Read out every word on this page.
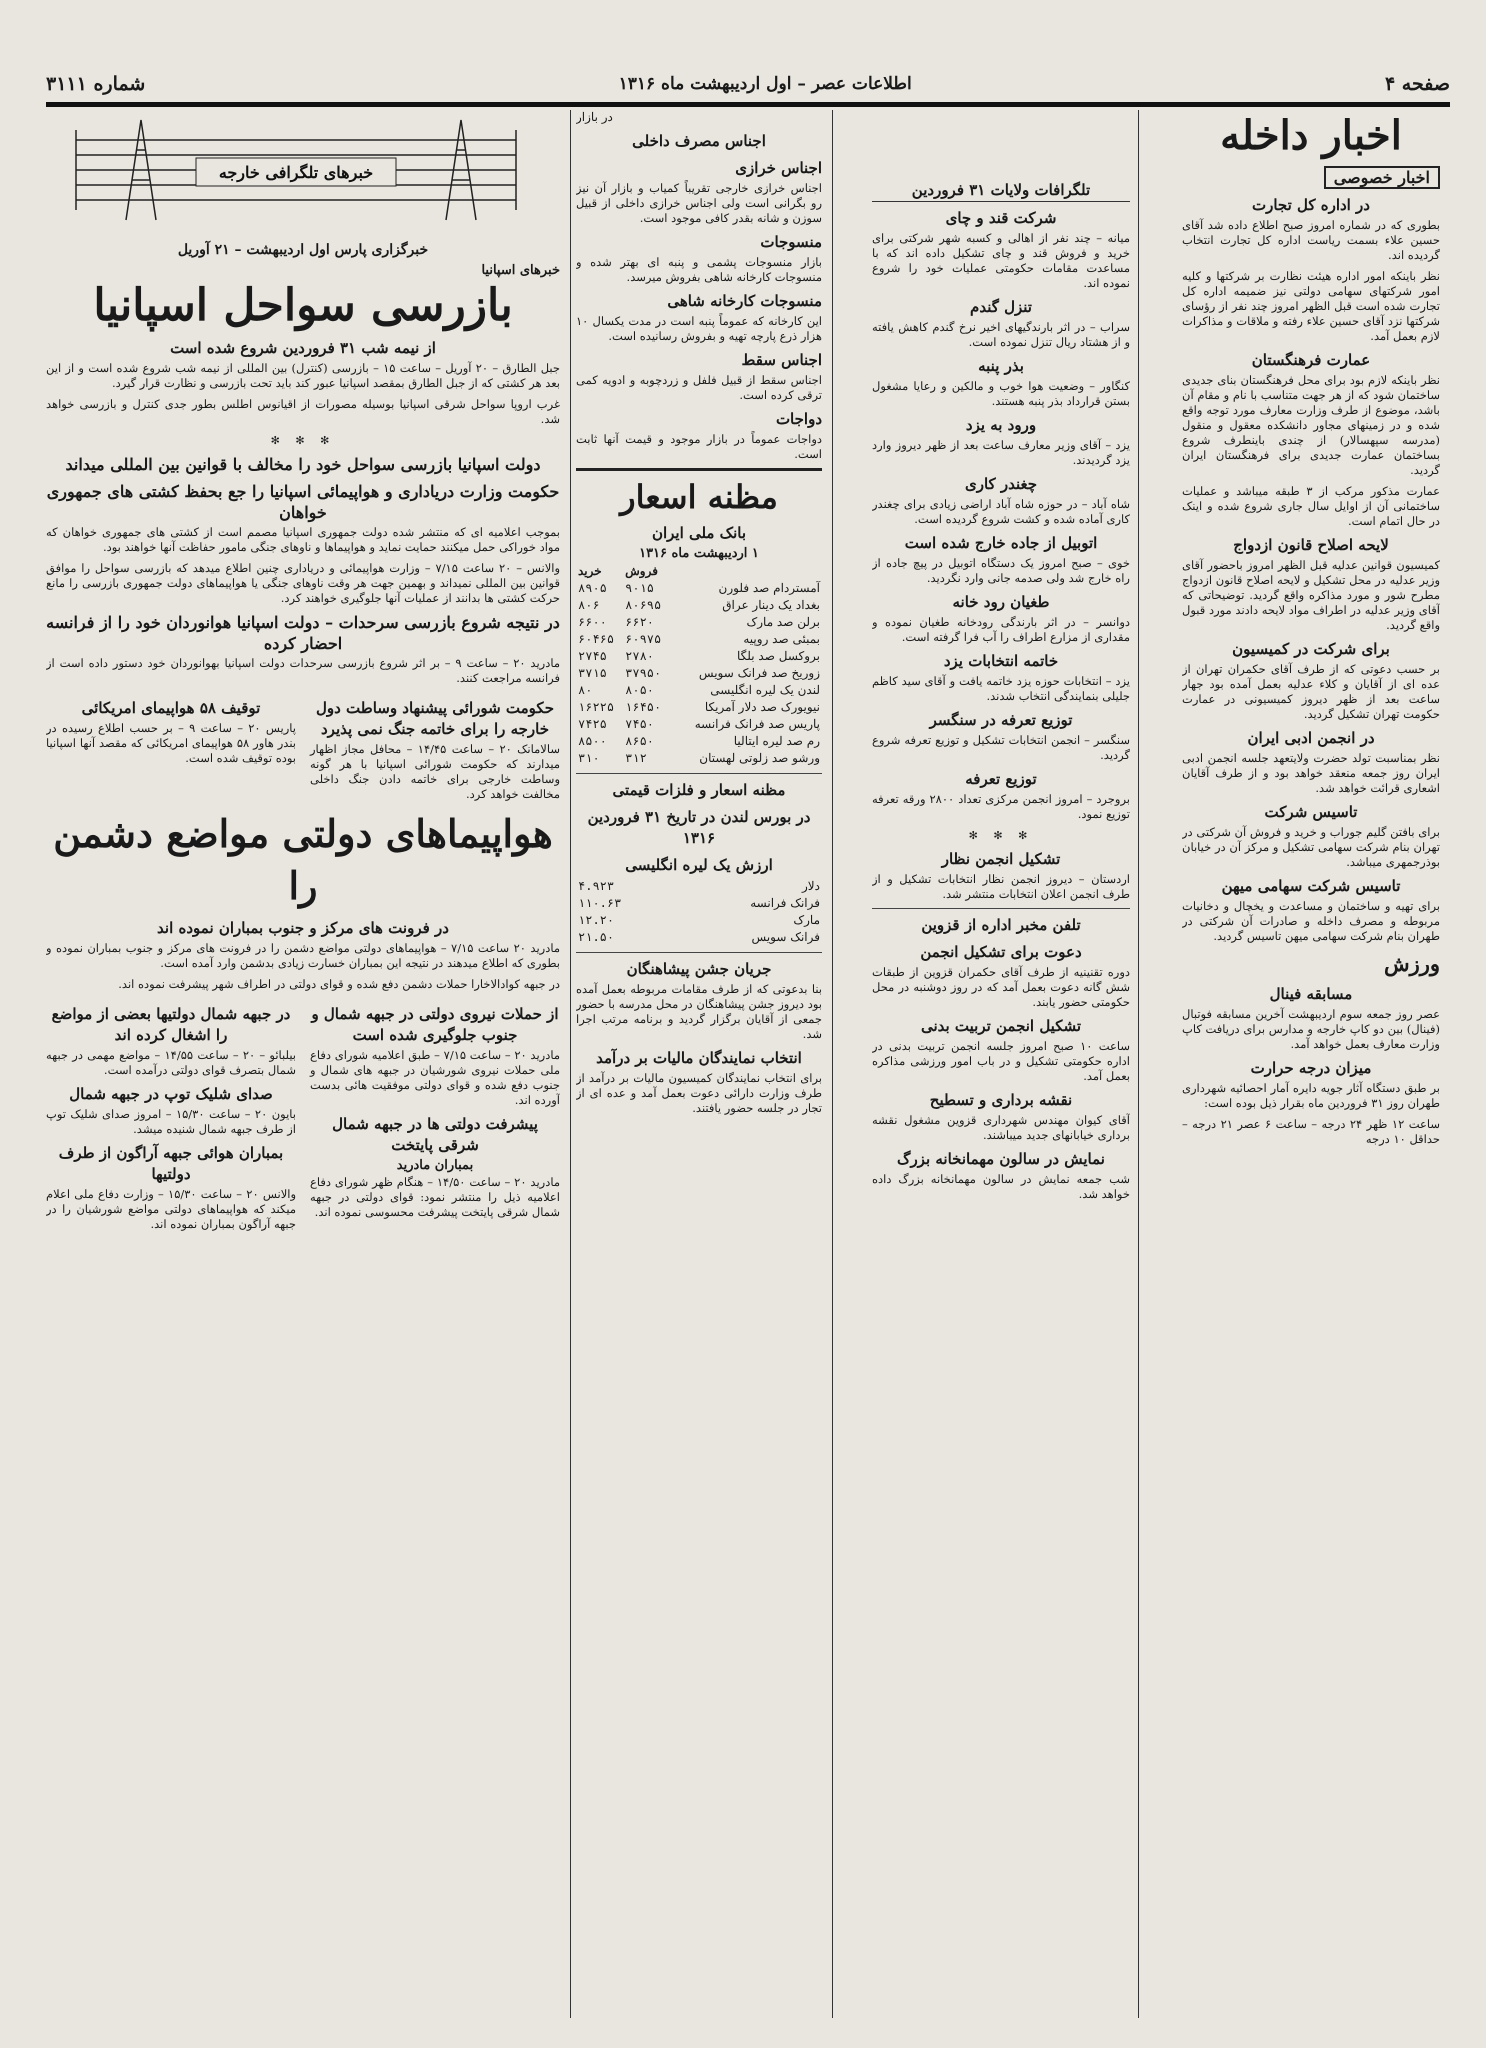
صفحه ۴
اطلاعات عصر – اول اردیبهشت ماه ۱۳۱۶
شماره ۳۱۱۱
اخبار داخله
اخبار خصوصی
در اداره کل تجارت

بطوری که در شماره امروز صبح اطلاع داده شد آقای حسین علاء بسمت ریاست اداره کل تجارت انتخاب گردیده اند.

نظر باینکه امور اداره هیئت نظارت بر شرکتها و کلیه امور شرکتهای سهامی دولتی نیز ضمیمه اداره کل تجارت شده است قبل الظهر امروز چند نفر از رؤسای شرکتها نزد آقای حسین علاء رفته و ملاقات و مذاکرات لازم بعمل آمد.

عمارت فرهنگستان

نظر باینکه لازم بود برای محل فرهنگستان بنای جدیدی ساختمان شود که از هر جهت متناسب با نام و مقام آن باشد، موضوع از طرف وزارت معارف مورد توجه واقع شده و در زمینهای مجاور دانشکده معقول و منقول (مدرسه سپهسالار) از چندی باینطرف شروع بساختمان عمارت جدیدی برای فرهنگستان ایران گردید.

عمارت مذکور مرکب از ۳ طبقه میباشد و عملیات ساختمانی آن از اوایل سال جاری شروع شده و اینک در حال اتمام است.

لایحه اصلاح قانون ازدواج

کمیسیون قوانین عدلیه قبل الظهر امروز باحضور آقای وزیر عدلیه در محل تشکیل و لایحه اصلاح قانون ازدواج مطرح شور و مورد مذاکره واقع گردید. توضیحاتی که آقای وزیر عدلیه در اطراف مواد لایحه دادند مورد قبول واقع گردید.

برای شرکت در کمیسیون

بر حسب دعوتی که از طرف آقای حکمران تهران از عده ای از آقایان و کلاء عدلیه بعمل آمده بود جهار ساعت بعد از ظهر دیروز کمیسیونی در عمارت حکومت تهران تشکیل گردید.

در انجمن ادبی ایران

نظر بمناسبت تولد حضرت ولایتعهد جلسه انجمن ادبی ایران روز جمعه منعقد خواهد بود و از طرف آقایان اشعاری قرائت خواهد شد.

تاسیس شرکت

برای بافتن گلیم جوراب و خرید و فروش آن شرکتی در تهران بنام شرکت سهامی تشکیل و مرکز آن در خیابان بوذرجمهری میباشد.

تاسیس شرکت سهامی میهن

برای تهیه و ساختمان و مساعدت و یخچال و دخانیات مربوطه و مصرف داخله و صادرات آن شرکتی در طهران بنام شرکت سهامی میهن تاسیس گردید.

ورزش
مسابقه فینال

عصر روز جمعه سوم اردیبهشت آخرین مسابقه فوتبال (فینال) بین دو کاپ خارجه و مدارس برای دریافت کاپ وزارت معارف بعمل خواهد آمد.

میزان درجه حرارت

بر طبق دستگاه آثار جویه دایره آمار احصائیه شهرداری طهران روز ۳۱ فروردین ماه بقرار ذیل بوده است:

ساعت ۱۲ ظهر ۲۴ درجه – ساعت ۶ عصر ۲۱ درجه – حداقل ۱۰ درجه

تلگرافات ولایات ۳۱ فروردین
شرکت قند و چای

میانه – چند نفر از اهالی و کسبه شهر شرکتی برای خرید و فروش قند و چای تشکیل داده اند که با مساعدت مقامات حکومتی عملیات خود را شروع نموده اند.

تنزل گندم

سراب – در اثر بارندگیهای اخیر نرخ گندم کاهش یافته و از هشتاد ریال تنزل نموده است.

بذر پنبه

کنگاور – وضعیت هوا خوب و مالکین و رعایا مشغول بستن قرارداد بذر پنبه هستند.

ورود به یزد

یزد – آقای وزیر معارف ساعت بعد از ظهر دیروز وارد یزد گردیدند.

چغندر کاری

شاه آباد – در حوزه شاه آباد اراضی زیادی برای چغندر کاری آماده شده و کشت شروع گردیده است.

اتوبیل از جاده خارج شده است

خوی – صبح امروز یک دستگاه اتوبیل در پیچ جاده از راه خارج شد ولی صدمه جانی وارد نگردید.

طغیان رود خانه

دوانسر – در اثر بارندگی رودخانه طغیان نموده و مقداری از مزارع اطراف را آب فرا گرفته است.

خاتمه انتخابات یزد

یزد – انتخابات حوزه یزد خاتمه یافت و آقای سید کاظم جلیلی بنمایندگی انتخاب شدند.

توزیع تعرفه در سنگسر

سنگسر – انجمن انتخابات تشکیل و توزیع تعرفه شروع گردید.

توزیع تعرفه

بروجرد – امروز انجمن مرکزی تعداد ۲۸۰۰ ورقه تعرفه توزیع نمود.

✻ ✻ ✻
تشکیل انجمن نظار

اردستان – دیروز انجمن نظار انتخابات تشکیل و از طرف انجمن اعلان انتخابات منتشر شد.

تلفن مخبر اداره از قزوین
دعوت برای تشکیل انجمن

دوره تقنینیه از طرف آقای حکمران قزوین از طبقات شش گانه دعوت بعمل آمد که در روز دوشنبه در محل حکومتی حضور یابند.

تشکیل انجمن تربیت بدنی

ساعت ۱۰ صبح امروز جلسه انجمن تربیت بدنی در اداره حکومتی تشکیل و در باب امور ورزشی مذاکره بعمل آمد.

نقشه برداری و تسطیح

آقای کیوان مهندس شهرداری قزوین مشغول نقشه برداری خیابانهای جدید میباشند.

نمایش در سالون مهمانخانه بزرگ

شب جمعه نمایش در سالون مهمانخانه بزرگ داده خواهد شد.

در بازار
اجناس مصرف داخلی
اجناس خرازی

اجناس خرازی خارجی تقریباً کمیاب و بازار آن نیز رو بگرانی است ولی اجناس خرازی داخلی از قبیل سوزن و شانه بقدر کافی موجود است.

منسوجات

بازار منسوجات پشمی و پنبه ای بهتر شده و منسوجات کارخانه شاهی بفروش میرسد.

منسوجات کارخانه شاهی

این کارخانه که عموماً پنبه است در مدت یکسال ۱۰ هزار ذرع پارچه تهیه و بفروش رسانیده است.

اجناس سقط

اجناس سقط از قبیل فلفل و زردچوبه و ادویه کمی ترقی کرده است.

دواجات

دواجات عموماً در بازار موجود و قیمت آنها ثابت است.

مظنه اسعار
بانک ملی ایران
۱ اردیبهشت ماه ۱۳۱۶
	فروش	خرید
آمستردام صد فلورن	۹۰۱۵	۸۹۰۵
بغداد یک دینار عراق	۸۰۶۹۵	۸۰۶
برلن صد مارک	۶۶۲۰	۶۶۰۰
بمبئی صد روپیه	۶۰۹۷۵	۶۰۴۶۵
بروکسل صد بلگا	۲۷۸۰	۲۷۴۵
زوریخ صد فرانک سویس	۳۷۹۵۰	۳۷۱۵
لندن یک لیره انگلیسی	۸۰۵۰	۸۰
نیویورک صد دلار آمریکا	۱۶۴۵۰	۱۶۲۲۵
پاریس صد فرانک فرانسه	۷۴۵۰	۷۴۲۵
رم صد لیره ایتالیا	۸۶۵۰	۸۵۰۰
ورشو صد زلوتی لهستان	۳۱۲	۳۱۰
مظنه اسعار و فلزات قیمتی
در بورس لندن در تاریخ ۳۱ فروردین ۱۳۱۶
ارزش یک لیره انگلیسی
دلار	۴.۹۲۳
فرانک فرانسه	۱۱۰.۶۳
مارک	۱۲.۲۰
فرانک سویس	۲۱.۵۰
جریان جشن پیشاهنگان

بنا بدعوتی که از طرف مقامات مربوطه بعمل آمده بود دیروز جشن پیشاهنگان در محل مدرسه با حضور جمعی از آقایان برگزار گردید و برنامه مرتب اجرا شد.

انتخاب نمایندگان مالیات بر درآمد

برای انتخاب نمایندگان کمیسیون مالیات بر درآمد از طرف وزارت دارائی دعوت بعمل آمد و عده ای از تجار در جلسه حضور یافتند.

خبرهای تلگرافی خارجه
خبرگزاری پارس اول اردیبهشت – ۲۱ آوریل
خبرهای اسپانیا
بازرسی سواحل اسپانیا
از نیمه شب ۳۱ فروردین شروع شده است

جبل الطارق – ۲۰ آوریل – ساعت ۱۵ – بازرسی (کنترل) بین المللی از نیمه شب شروع شده است و از این بعد هر کشتی که از جبل الطارق بمقصد اسپانیا عبور کند باید تحت بازرسی و نظارت قرار گیرد.

غرب اروپا سواحل شرقی اسپانیا بوسیله مصورات از اقیانوس اطلس بطور جدی کنترل و بازرسی خواهد شد.

✻ ✻ ✻
دولت اسپانیا بازرسی سواحل خود را مخالف با قوانین بین المللی میداند
حکومت وزارت دریاداری و هواپیمائی اسپانیا را جع بحفظ کشتی های جمهوری خواهان

بموجب اعلامیه ای که منتشر شده دولت جمهوری اسپانیا مصمم است از کشتی های جمهوری خواهان که مواد خوراکی حمل میکنند حمایت نماید و هواپیماها و ناوهای جنگی مامور حفاظت آنها خواهند بود.

والانس – ۲۰ ساعت ۷/۱۵ – وزارت هواپیمائی و دریاداری چنین اطلاع میدهد که بازرسی سواحل را موافق قوانین بین المللی نمیداند و بهمین جهت هر وقت ناوهای جنگی یا هواپیماهای دولت جمهوری بازرسی را مانع حرکت کشتی ها بدانند از عملیات آنها جلوگیری خواهند کرد.

در نتیجه شروع بازرسی سرحدات – دولت اسپانیا هوانوردان خود را از فرانسه احضار کرده

مادرید ۲۰ – ساعت ۹ – بر اثر شروع بازرسی سرحدات دولت اسپانیا بهوانوردان خود دستور داده است از فرانسه مراجعت کنند.

حکومت شورائی پیشنهاد وساطت دول خارجه را برای خاتمه جنگ نمی پذیرد

سالامانک ۲۰ – ساعت ۱۴/۴۵ – محافل مجاز اظهار میدارند که حکومت شورائی اسپانیا با هر گونه وساطت خارجی برای خاتمه دادن جنگ داخلی مخالفت خواهد کرد.

توقیف ۵۸ هواپیمای امریکائی

پاریس ۲۰ – ساعت ۹ – بر حسب اطلاع رسیده در بندر هاور ۵۸ هواپیمای امریکائی که مقصد آنها اسپانیا بوده توقیف شده است.

هواپیماهای دولتی مواضع دشمن را
در فرونت های مرکز و جنوب بمباران نموده اند

مادرید ۲۰ ساعت ۷/۱۵ – هواپیماهای دولتی مواضع دشمن را در فرونت های مرکز و جنوب بمباران نموده و بطوری که اطلاع میدهند در نتیجه این بمباران خسارت زیادی بدشمن وارد آمده است.

در جبهه کوادالاخارا حملات دشمن دفع شده و قوای دولتی در اطراف شهر پیشرفت نموده اند.

از حملات نیروی دولتی در جبهه شمال و جنوب جلوگیری شده است

مادرید ۲۰ – ساعت ۷/۱۵ – طبق اعلامیه شورای دفاع ملی حملات نیروی شورشیان در جبهه های شمال و جنوب دفع شده و قوای دولتی موفقیت هائی بدست آورده اند.

پیشرفت دولتی ها در جبهه شمال شرقی پایتخت
بمباران مادرید

مادرید ۲۰ – ساعت ۱۴/۵۰ – هنگام ظهر شورای دفاع اعلامیه ذیل را منتشر نمود: قوای دولتی در جبهه شمال شرقی پایتخت پیشرفت محسوسی نموده اند.

در جبهه شمال دولتیها بعضی از مواضع را اشغال کرده اند

بیلبائو – ۲۰ – ساعت ۱۴/۵۵ – مواضع مهمی در جبهه شمال بتصرف قوای دولتی درآمده است.

صدای شلیک توپ در جبهه شمال

بایون ۲۰ – ساعت ۱۵/۳۰ – امروز صدای شلیک توپ از طرف جبهه شمال شنیده میشد.

بمباران هوائی جبهه آراگون از طرف دولتیها

والانس ۲۰ – ساعت ۱۵/۳۰ – وزارت دفاع ملی اعلام میکند که هواپیماهای دولتی مواضع شورشیان را در جبهه آراگون بمباران نموده اند.
